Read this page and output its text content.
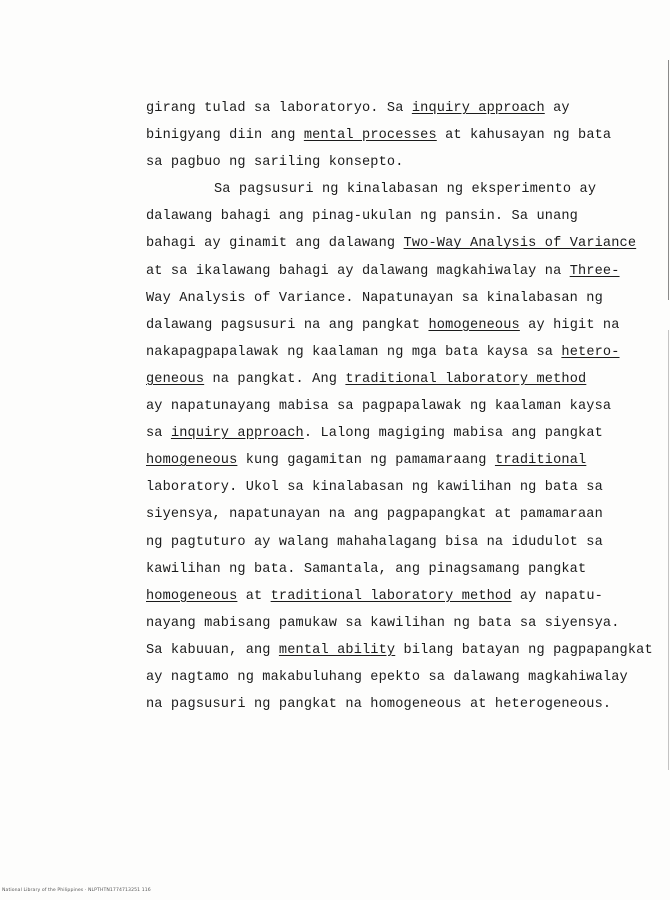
girang tulad sa laboratoryo. Sa inquiry approach ay
binigyang diin ang mental processes at kahusayan ng bata
sa pagbuo ng sariling konsepto.
Sa pagsusuri ng kinalabasan ng eksperimento ay
dalawang bahagi ang pinag-ukulan ng pansin. Sa unang
bahagi ay ginamit ang dalawang Two-Way Analysis of Variance
at sa ikalawang bahagi ay dalawang magkahiwalay na Three-
Way Analysis of Variance. Napatunayan sa kinalabasan ng
dalawang pagsusuri na ang pangkat homogeneous ay higit na
nakapagpapalawak ng kaalaman ng mga bata kaysa sa hetero-
geneous na pangkat. Ang traditional laboratory method
ay napatunayang mabisa sa pagpapalawak ng kaalaman kaysa
sa inquiry approach. Lalong magiging mabisa ang pangkat
homogeneous kung gagamitan ng pamamaraang traditional
laboratory. Ukol sa kinalabasan ng kawilihan ng bata sa
siyensya, napatunayan na ang pagpapangkat at pamamaraan
ng pagtuturo ay walang mahahalagang bisa na idudulot sa
kawilihan ng bata. Samantala, ang pinagsamang pangkat
homogeneous at traditional laboratory method ay napatu-
nayang mabisang pamukaw sa kawilihan ng bata sa siyensya.
Sa kabuuan, ang mental ability bilang batayan ng pagpapangkat
ay nagtamo ng makabuluhang epekto sa dalawang magkahiwalay
na pagsusuri ng pangkat na homogeneous at heterogeneous.
National Library of the Philippines · NLPTHTN1774713251 116
